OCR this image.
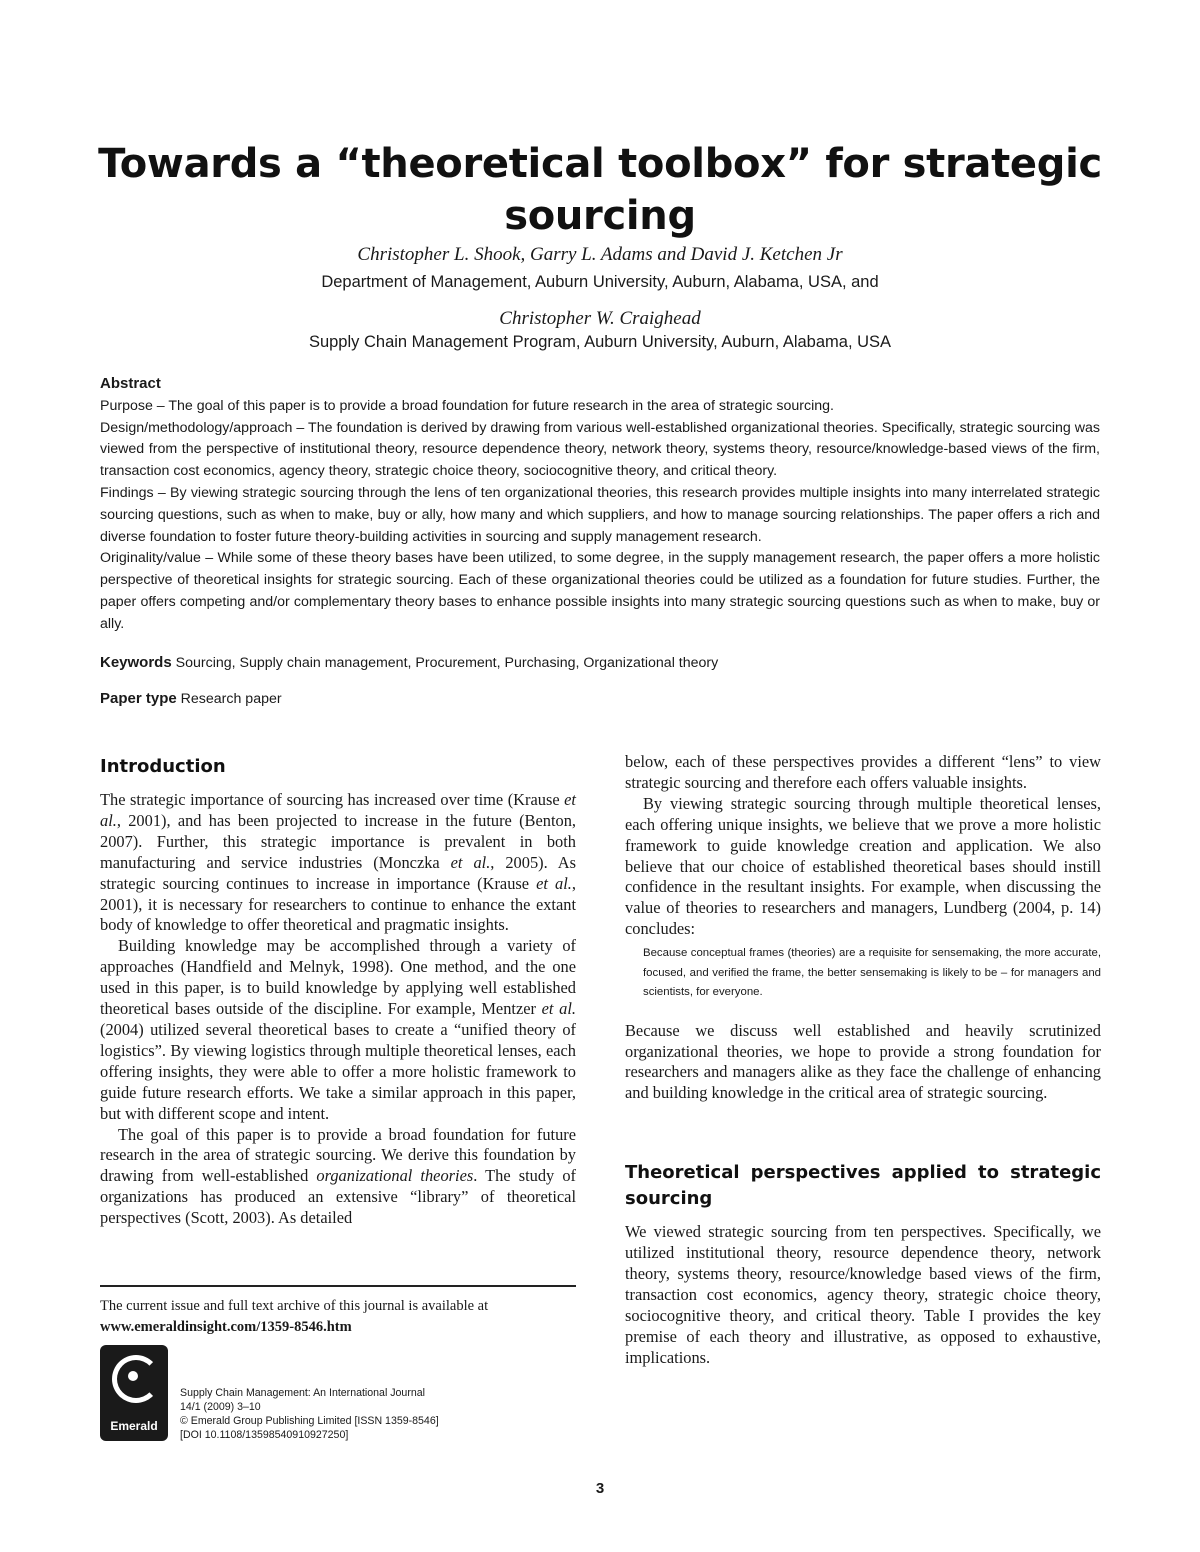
Towards a “theoretical toolbox” for strategic sourcing
Christopher L. Shook, Garry L. Adams and David J. Ketchen Jr
Department of Management, Auburn University, Auburn, Alabama, USA, and
Christopher W. Craighead
Supply Chain Management Program, Auburn University, Auburn, Alabama, USA

Abstract

Purpose – The goal of this paper is to provide a broad foundation for future research in the area of strategic sourcing.

Design/methodology/approach – The foundation is derived by drawing from various well-established organizational theories. Specifically, strategic sourcing was viewed from the perspective of institutional theory, resource dependence theory, network theory, systems theory, resource/knowledge-based views of the firm, transaction cost economics, agency theory, strategic choice theory, sociocognitive theory, and critical theory.

Findings – By viewing strategic sourcing through the lens of ten organizational theories, this research provides multiple insights into many interrelated strategic sourcing questions, such as when to make, buy or ally, how many and which suppliers, and how to manage sourcing relationships. The paper offers a rich and diverse foundation to foster future theory-building activities in sourcing and supply management research.

Originality/value – While some of these theory bases have been utilized, to some degree, in the supply management research, the paper offers a more holistic perspective of theoretical insights for strategic sourcing. Each of these organizational theories could be utilized as a foundation for future studies. Further, the paper offers competing and/or complementary theory bases to enhance possible insights into many strategic sourcing questions such as when to make, buy or ally.

Keywords Sourcing, Supply chain management, Procurement, Purchasing, Organizational theory
Paper type Research paper
Introduction

The strategic importance of sourcing has increased over time (Krause et al., 2001), and has been projected to increase in the future (Benton, 2007). Further, this strategic importance is prevalent in both manufacturing and service industries (Monczka et al., 2005). As strategic sourcing continues to increase in importance (Krause et al., 2001), it is necessary for researchers to continue to enhance the extant body of knowledge to offer theoretical and pragmatic insights.

Building knowledge may be accomplished through a variety of approaches (Handfield and Melnyk, 1998). One method, and the one used in this paper, is to build knowledge by applying well established theoretical bases outside of the discipline. For example, Mentzer et al. (2004) utilized several theoretical bases to create a “unified theory of logistics”. By viewing logistics through multiple theoretical lenses, each offering insights, they were able to offer a more holistic framework to guide future research efforts. We take a similar approach in this paper, but with different scope and intent.

The goal of this paper is to provide a broad foundation for future research in the area of strategic sourcing. We derive this foundation by drawing from well-established organizational theories. The study of organizations has produced an extensive “library” of theoretical perspectives (Scott, 2003). As detailed

below, each of these perspectives provides a different “lens” to view strategic sourcing and therefore each offers valuable insights.

By viewing strategic sourcing through multiple theoretical lenses, each offering unique insights, we believe that we prove a more holistic framework to guide knowledge creation and application. We also believe that our choice of established theoretical bases should instill confidence in the resultant insights. For example, when discussing the value of theories to researchers and managers, Lundberg (2004, p. 14) concludes:

Because conceptual frames (theories) are a requisite for sensemaking, the more accurate, focused, and verified the frame, the better sensemaking is likely to be – for managers and scientists, for everyone.

Because we discuss well established and heavily scrutinized organizational theories, we hope to provide a strong foundation for researchers and managers alike as they face the challenge of enhancing and building knowledge in the critical area of strategic sourcing.

Theoretical perspectives applied to strategic sourcing

We viewed strategic sourcing from ten perspectives. Specifically, we utilized institutional theory, resource dependence theory, network theory, systems theory, resource/knowledge based views of the firm, transaction cost economics, agency theory, strategic choice theory, sociocognitive theory, and critical theory. Table I provides the key premise of each theory and illustrative, as opposed to exhaustive, implications.

The current issue and full text archive of this journal is available at
www.emeraldinsight.com/1359-8546.htm
Emerald
Supply Chain Management: An International Journal
14/1 (2009) 3–10
© Emerald Group Publishing Limited [ISSN 1359-8546]
[DOI 10.1108/13598540910927250]
3
